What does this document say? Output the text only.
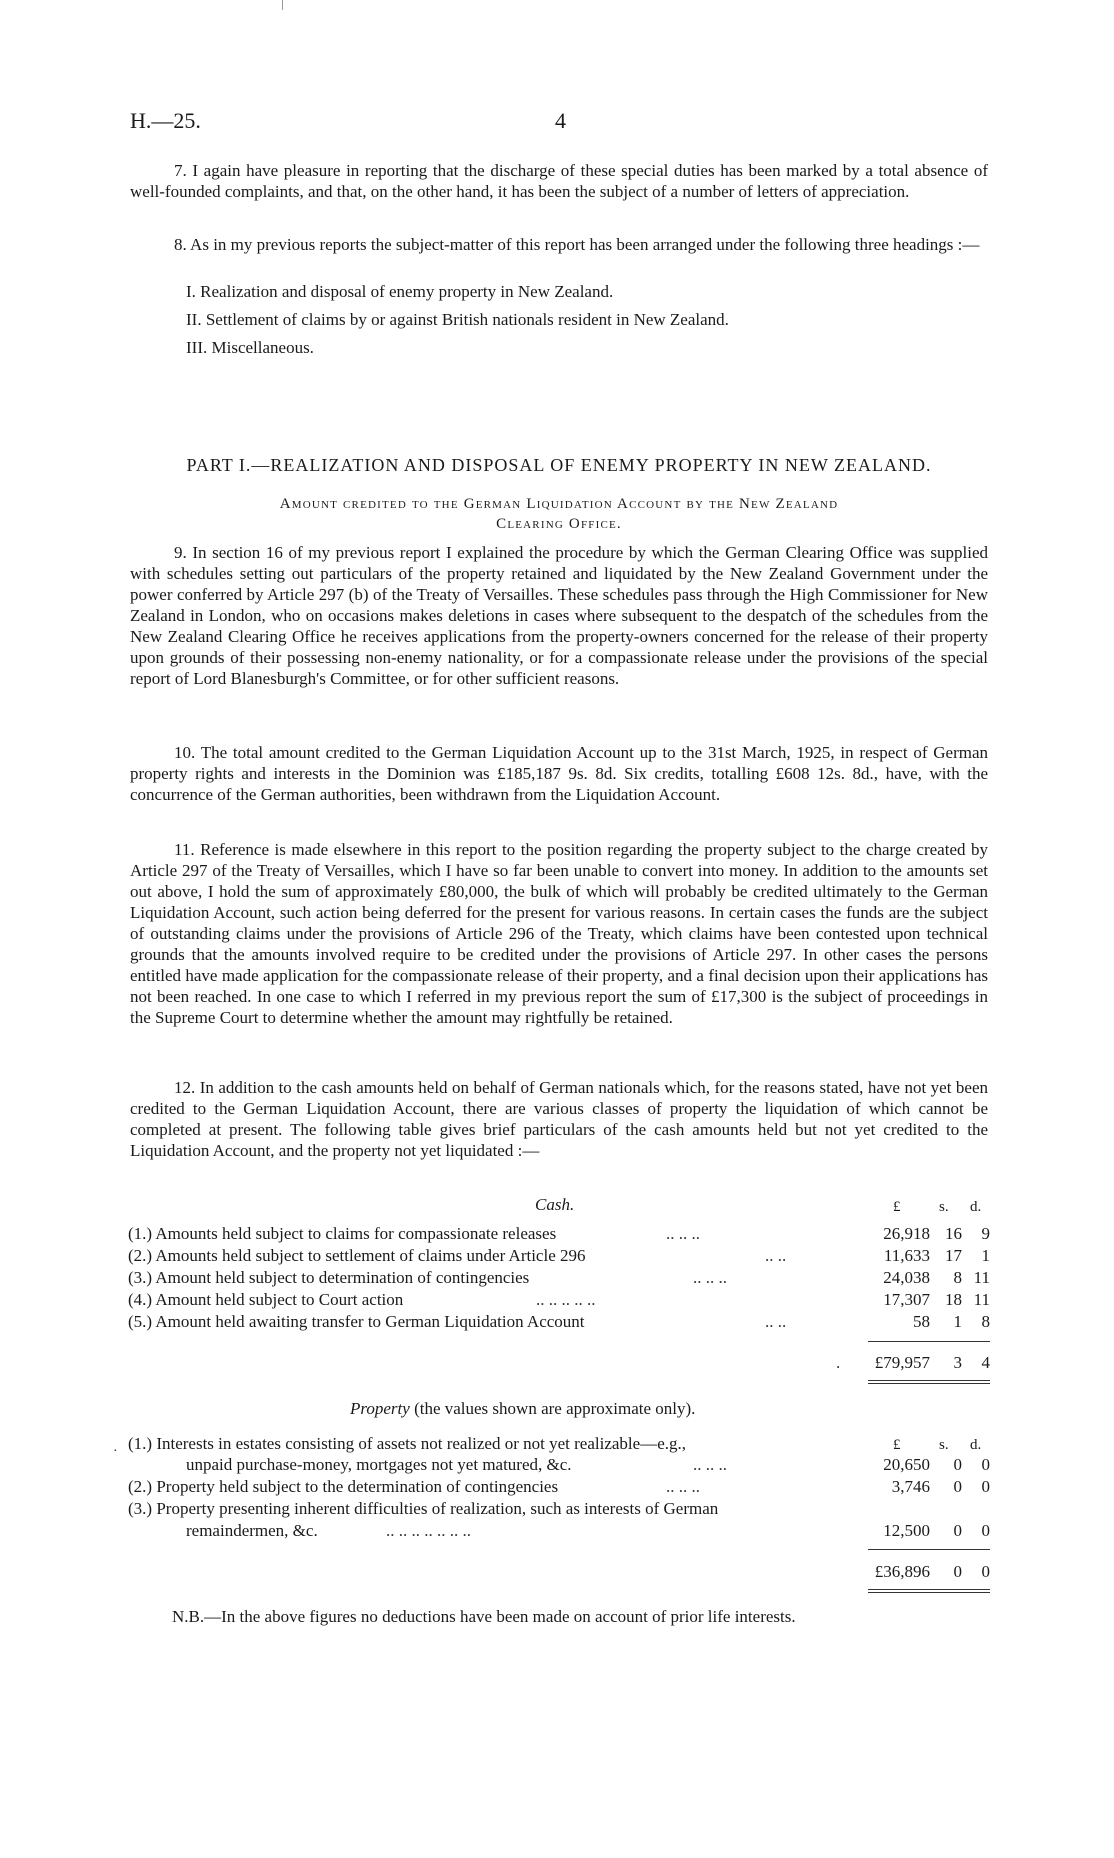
H.—25.	4

7. I again have pleasure in reporting that the discharge of these special duties has been marked by a total absence of well-founded complaints, and that, on the other hand, it has been the subject of a number of letters of appreciation.

8. As in my previous reports the subject-matter of this report has been arranged under the following three headings :—

I. Realization and disposal of enemy property in New Zealand.
II. Settlement of claims by or against British nationals resident in New Zealand.
III. Miscellaneous.
PART I.—REALIZATION AND DISPOSAL OF ENEMY PROPERTY IN NEW ZEALAND.
Amount credited to the German Liquidation Account by the New Zealand
Clearing Office.

9. In section 16 of my previous report I explained the procedure by which the German Clearing Office was supplied with schedules setting out particulars of the property retained and liquidated by the New Zealand Government under the power conferred by Article 297 (b) of the Treaty of Versailles. These schedules pass through the High Commissioner for New Zealand in London, who on occasions makes deletions in cases where subsequent to the despatch of the schedules from the New Zealand Clearing Office he receives applications from the property-owners concerned for the release of their property upon grounds of their possessing non-enemy nationality, or for a compassionate release under the provisions of the special report of Lord Blanesburgh's Committee, or for other sufficient reasons.

10. The total amount credited to the German Liquidation Account up to the 31st March, 1925, in respect of German property rights and interests in the Dominion was £185,187 9s. 8d. Six credits, totalling £608 12s. 8d., have, with the concurrence of the German authorities, been withdrawn from the Liquidation Account.

11. Reference is made elsewhere in this report to the position regarding the property subject to the charge created by Article 297 of the Treaty of Versailles, which I have so far been unable to convert into money. In addition to the amounts set out above, I hold the sum of approximately £80,000, the bulk of which will probably be credited ultimately to the German Liquidation Account, such action being deferred for the present for various reasons. In certain cases the funds are the subject of outstanding claims under the provisions of Article 296 of the Treaty, which claims have been contested upon technical grounds that the amounts involved require to be credited under the provisions of Article 297. In other cases the persons entitled have made application for the compassionate release of their property, and a final decision upon their applications has not been reached. In one case to which I referred in my previous report the sum of £17,300 is the subject of proceedings in the Supreme Court to determine whether the amount may rightfully be retained.

12. In addition to the cash amounts held on behalf of German nationals which, for the reasons stated, have not yet been credited to the German Liquidation Account, there are various classes of property the liquidation of which cannot be completed at present. The following table gives brief particulars of the cash amounts held but not yet credited to the Liquidation Account, and the property not yet liquidated :—

Cash.	£	s. d.
(1.) Amounts held subject to claims for compassionate releases	.. .. ..	26,918 16 9
(2.) Amounts held subject to settlement of claims under Article 296	.. ..	11,633 17 1
(3.) Amount held subject to determination of contingencies	.. .. ..	24,038 8 11
(4.) Amount held subject to Court action	.. .. .. .. ..	17,307 18 11
(5.) Amount held awaiting transfer to German Liquidation Account	.. ..	58 1 8
. £79,957 3 4
Property (the values shown are approximate only).
·	£	s. d.
(1.) Interests in estates consisting of assets not realized or not yet realizable—e.g.,
unpaid purchase-money, mortgages not yet matured, &c.	.. .. ..	20,650 0 0
(2.) Property held subject to the determination of contingencies	.. .. ..	3,746 0 0
(3.) Property presenting inherent difficulties of realization, such as interests of German
remaindermen, &c.	.. .. .. .. .. .. ..	12,500 0 0
£36,896 0 0
N.B.—In the above figures no deductions have been made on account of prior life interests.
